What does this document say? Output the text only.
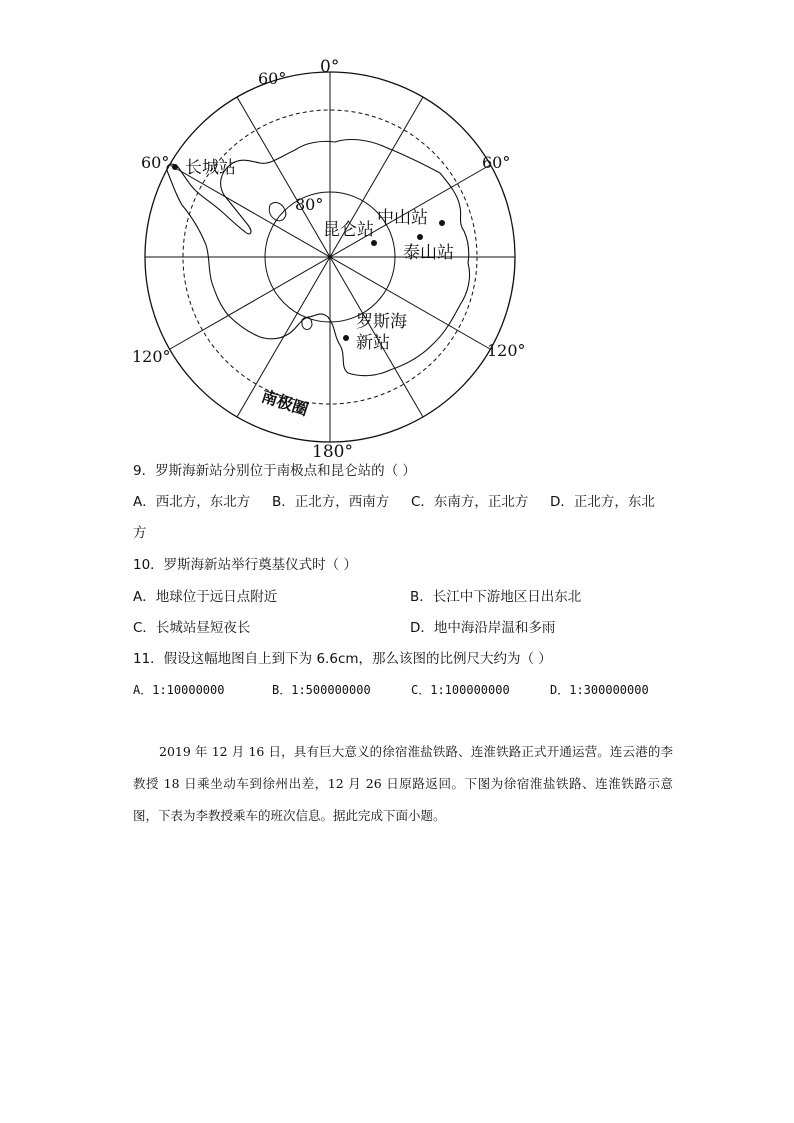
0°
60°
60°	60°
120°	120°
180°
80°
长城站
昆仑站
中山站
泰山站
罗斯海
新站
南极圈
9．罗斯海新站分别位于南极点和昆仑站的（ ）
A．西北方，东北方 B．正北方，西南方 C．东南方，正北方 D．正北方，东北
方
10．罗斯海新站举行奠基仪式时（ ）
A．地球位于远日点附近	B．长江中下游地区日出东北
C．长城站昼短夜长	D．地中海沿岸温和多雨
11．假设这幅地图自上到下为 6.6cm，那么该图的比例尺大约为（ ）
A．1:10000000	B．1:500000000	C．1:100000000	D．1:300000000
2019 年 12 月 16 日，具有巨大意义的徐宿淮盐铁路、连淮铁路正式开通运营。连云港的李教授 18 日乘坐动车到徐州出差，12 月 26 日原路返回。下图为徐宿淮盐铁路、连淮铁路示意图，下表为李教授乘车的班次信息。据此完成下面小题。
